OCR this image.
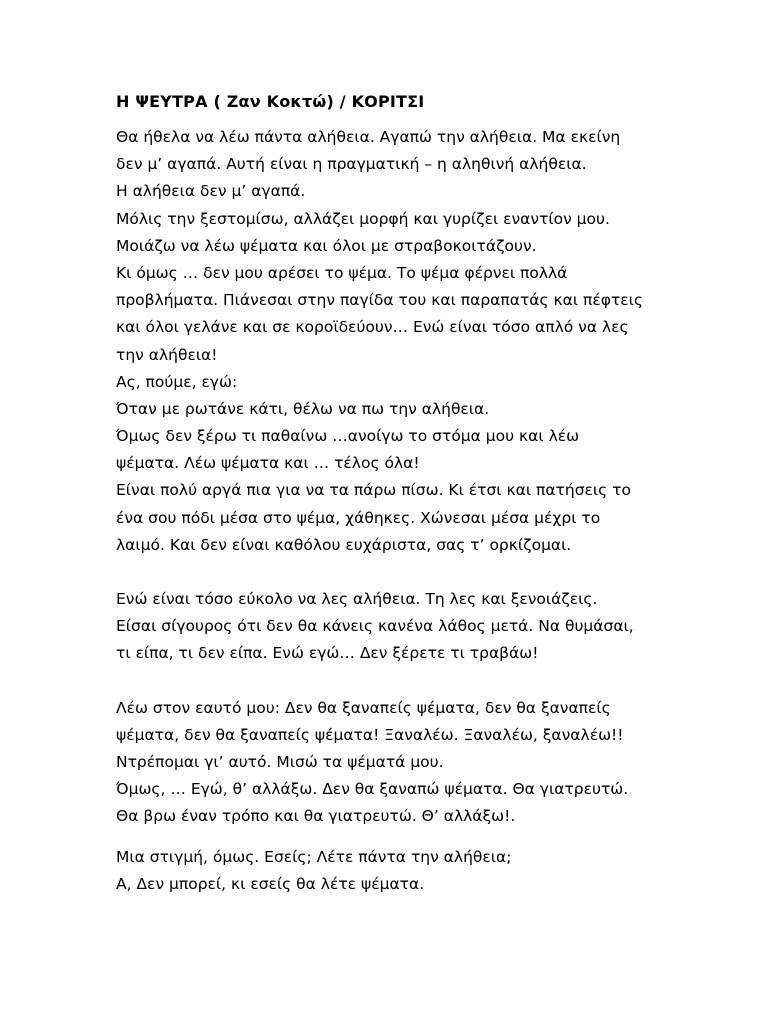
Η ΨΕΥΤΡΑ ( Ζαν Κοκτώ) / ΚΟΡΙΤΣΙ
Θα ήθελα να λέω πάντα αλήθεια. Αγαπώ την αλήθεια. Μα εκείνη
δεν μ’ αγαπά. Αυτή είναι η πραγματική – η αληθινή αλήθεια.
Η αλήθεια δεν μ’ αγαπά.
Μόλις την ξεστομίσω, αλλάζει μορφή και γυρίζει εναντίον μου.
Μοιάζω να λέω ψέματα και όλοι με στραβοκοιτάζουν.
Κι όμως … δεν μου αρέσει το ψέμα. Το ψέμα φέρνει πολλά
προβλήματα. Πιάνεσαι στην παγίδα του και παραπατάς και πέφτεις
και όλοι γελάνε και σε κοροϊδεύουν… Ενώ είναι τόσο απλό να λες
την αλήθεια!
Ας, πούμε, εγώ:
Όταν με ρωτάνε κάτι, θέλω να πω την αλήθεια.
Όμως δεν ξέρω τι παθαίνω …ανοίγω το στόμα μου και λέω
ψέματα. Λέω ψέματα και … τέλος όλα!
Είναι πολύ αργά πια για να τα πάρω πίσω. Κι έτσι και πατήσεις το
ένα σου πόδι μέσα στο ψέμα, χάθηκες. Χώνεσαι μέσα μέχρι το
λαιμό. Και δεν είναι καθόλου ευχάριστα, σας τ’ ορκίζομαι.
Ενώ είναι τόσο εύκολο να λες αλήθεια. Τη λες και ξενοιάζεις.
Είσαι σίγουρος ότι δεν θα κάνεις κανένα λάθος μετά. Να θυμάσαι,
τι είπα, τι δεν είπα. Ενώ εγώ… Δεν ξέρετε τι τραβάω!
Λέω στον εαυτό μου: Δεν θα ξαναπείς ψέματα, δεν θα ξαναπείς
ψέματα, δεν θα ξαναπείς ψέματα! Ξαναλέω. Ξαναλέω, ξαναλέω!!
Ντρέπομαι γι’ αυτό. Μισώ τα ψέματά μου.
Όμως, … Εγώ, θ’ αλλάξω. Δεν θα ξαναπώ ψέματα. Θα γιατρευτώ.
Θα βρω έναν τρόπο και θα γιατρευτώ. Θ’ αλλάξω!.
Μια στιγμή, όμως. Εσείς; Λέτε πάντα την αλήθεια;
Α, Δεν μπορεί, κι εσείς θα λέτε ψέματα.
